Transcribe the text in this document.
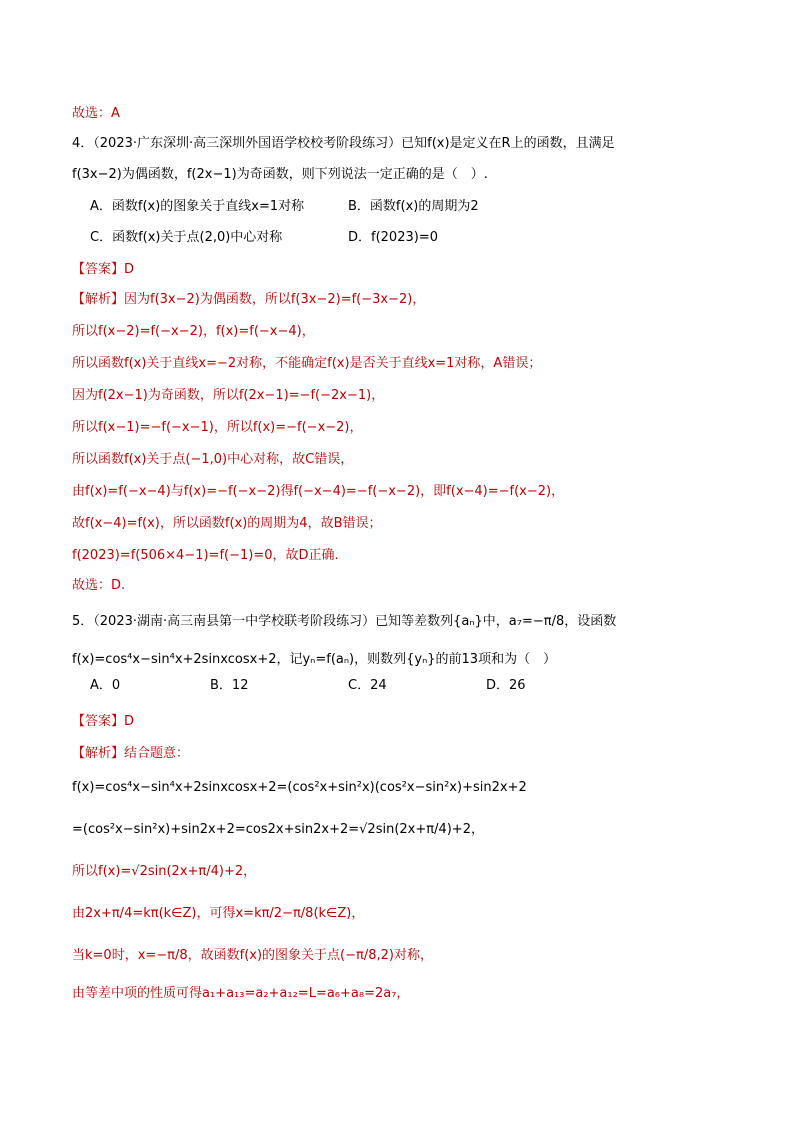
故选：A
4．（2023·广东深圳·高三深圳外国语学校校考阶段练习）已知f(x)是定义在R上的函数，且满足
f(3x−2)为偶函数，f(2x−1)为奇函数，则下列说法一定正确的是（　）.
【答案】D
【解析】因为f(3x−2)为偶函数，所以f(3x−2)=f(−3x−2)，
所以f(x−2)=f(−x−2)，f(x)=f(−x−4)，
所以函数f(x)关于直线x=−2对称，不能确定f(x)是否关于直线x=1对称，A错误；
因为f(2x−1)为奇函数，所以f(2x−1)=−f(−2x−1)，
所以f(x−1)=−f(−x−1)，所以f(x)=−f(−x−2)，
所以函数f(x)关于点(−1,0)中心对称，故C错误，
由f(x)=f(−x−4)与f(x)=−f(−x−2)得f(−x−4)=−f(−x−2)，即f(x−4)=−f(x−2)，
故f(x−4)=f(x)，所以函数f(x)的周期为4，故B错误；
f(2023)=f(506×4−1)=f(−1)=0，故D正确.
故选：D.
5．（2023·湖南·高三南县第一中学校联考阶段练习）已知等差数列{aₙ}中，a₇=−π/8，设函数
f(x)=cos⁴x−sin⁴x+2sinxcosx+2，记yₙ=f(aₙ)，则数列{yₙ}的前13项和为（　）
【答案】D
【解析】结合题意：
f(x)=cos⁴x−sin⁴x+2sinxcosx+2=(cos²x+sin²x)(cos²x−sin²x)+sin2x+2
=(cos²x−sin²x)+sin2x+2=cos2x+sin2x+2=√2sin(2x+π/4)+2，
所以f(x)=√2sin(2x+π/4)+2，
由2x+π/4=kπ(k∈Z)，可得x=kπ/2−π/8(k∈Z)，
当k=0时，x=−π/8，故函数f(x)的图象关于点(−π/8,2)对称，
由等差中项的性质可得a₁+a₁₃=a₂+a₁₂=L=a₆+a₈=2a₇，
A．函数f(x)的图象关于直线x=1对称	B．函数f(x)的周期为2
C．函数f(x)关于点(2,0)中心对称	D．f(2023)=0
A．0	B．12	C．24	D．26
